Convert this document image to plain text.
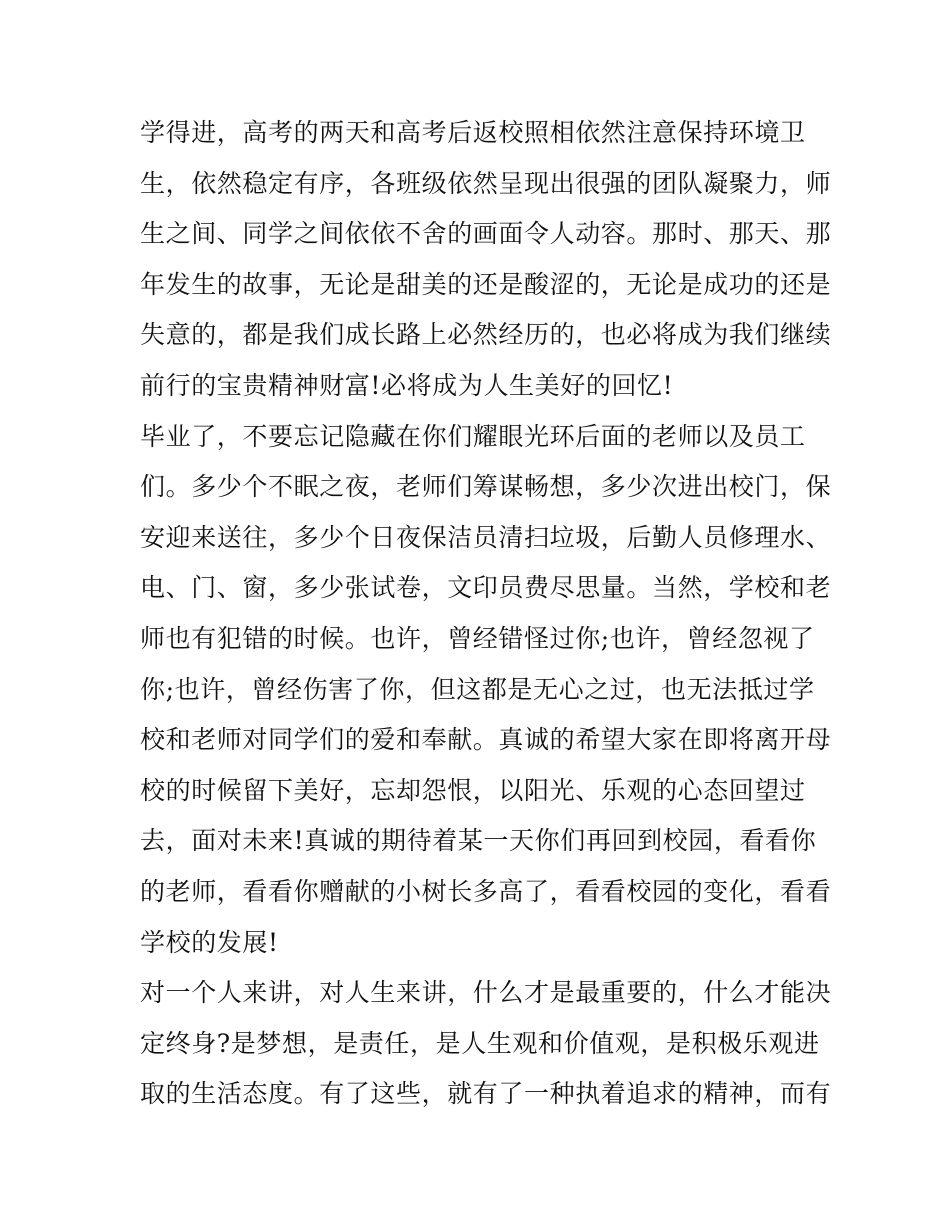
学得进，高考的两天和高考后返校照相依然注意保持环境卫
生，依然稳定有序，各班级依然呈现出很强的团队凝聚力，师
生之间、同学之间依依不舍的画面令人动容。那时、那天、那
年发生的故事，无论是甜美的还是酸涩的，无论是成功的还是
失意的，都是我们成长路上必然经历的，也必将成为我们继续
前行的宝贵精神财富!必将成为人生美好的回忆!
毕业了，不要忘记隐藏在你们耀眼光环后面的老师以及员工
们。多少个不眠之夜，老师们筹谋畅想，多少次进出校门，保
安迎来送往，多少个日夜保洁员清扫垃圾，后勤人员修理水、
电、门、窗，多少张试卷，文印员费尽思量。当然，学校和老
师也有犯错的时候。也许，曾经错怪过你;也许，曾经忽视了
你;也许，曾经伤害了你，但这都是无心之过，也无法抵过学
校和老师对同学们的爱和奉献。真诚的希望大家在即将离开母
校的时候留下美好，忘却怨恨，以阳光、乐观的心态回望过
去，面对未来!真诚的期待着某一天你们再回到校园，看看你
的老师，看看你赠献的小树长多高了，看看校园的变化，看看
学校的发展!
对一个人来讲，对人生来讲，什么才是最重要的，什么才能决
定终身?是梦想，是责任，是人生观和价值观，是积极乐观进
取的生活态度。有了这些，就有了一种执着追求的精神，而有
